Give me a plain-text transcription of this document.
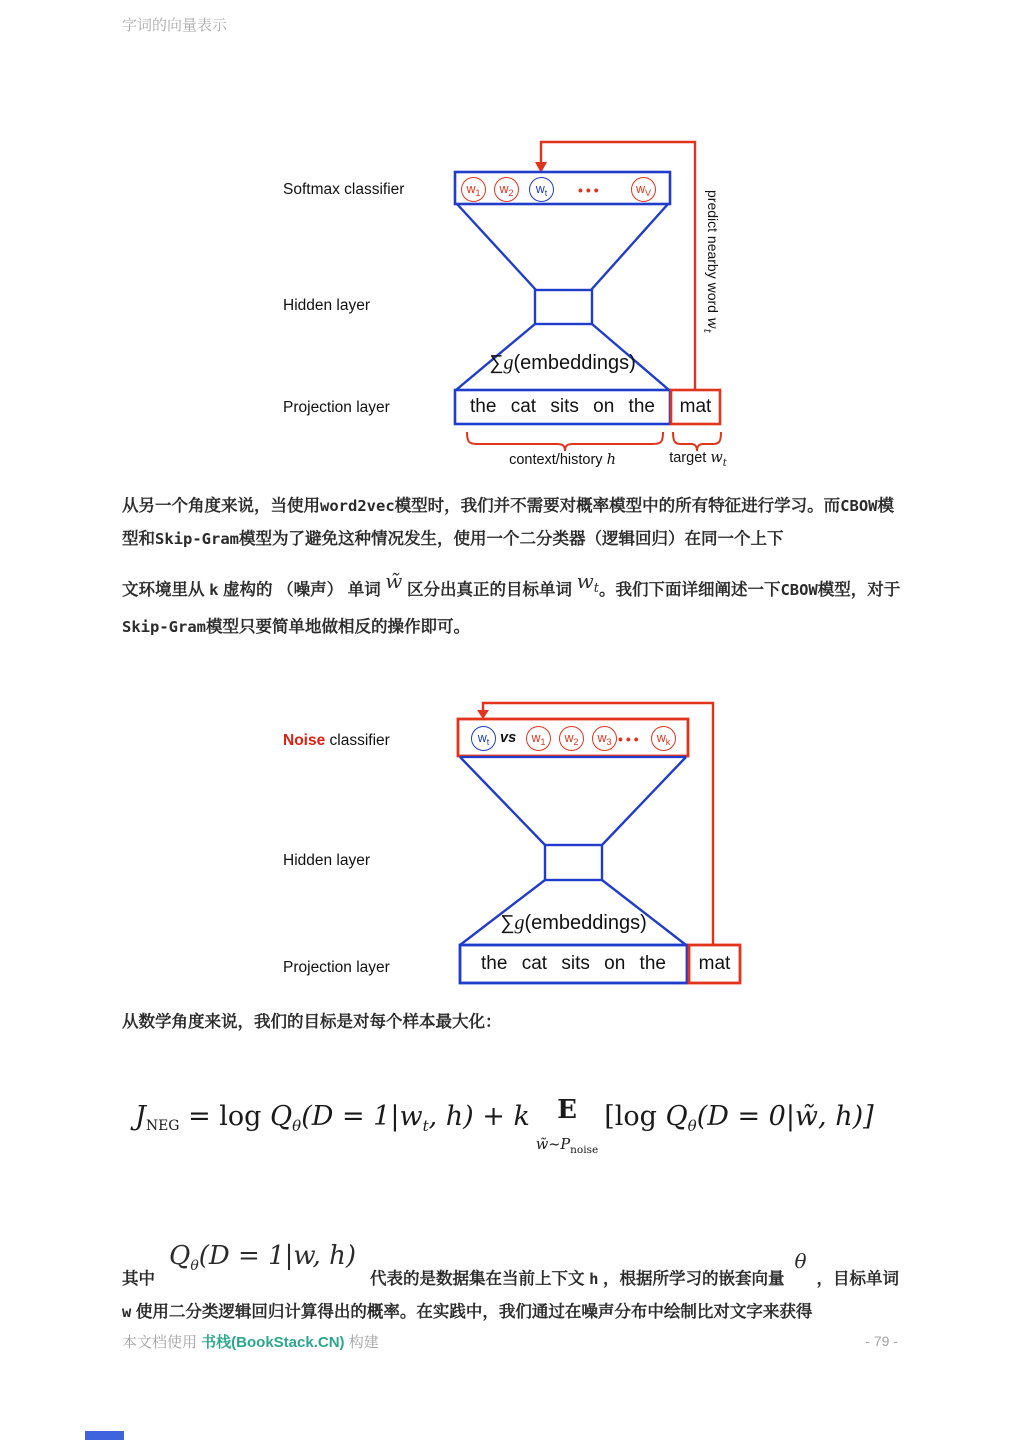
字词的向量表示
Softmax classifier
Hidden layer
Projection layer
$w_1$ $w_2$ $w_t$ •••	$w_V$
∑g(embeddings)
the cat sits on the	mat
context/history h	target $w_t$
predict nearby word $w_t$
从另一个角度来说，当使用word2vec模型时，我们并不需要对概率模型中的所有特征进行学习。而CBOW模型和Skip-Gram模型为了避免这种情况发生，使用一个二分类器（逻辑回归）在同一个上下
文环境里从 k 虚构的 （噪声） 单词 w̃ 区分出真正的目标单词 $w_t$。我们下面详细阐述一下CBOW模型，对于Skip-Gram模型只要简单地做相反的操作即可。
Noise classifier
Hidden layer
Projection layer
$w_t$ vs $w_1$ $w_2$ $w_3$ ••• $w_k$
∑g(embeddings)
the cat sits on the	mat
从数学角度来说，我们的目标是对每个样本最大化：
$J_{NEG} = \log Q_\theta(D = 1|w_t$, h) + k E
$w̃\sim P_{noise}[\log$ $Q_\theta(D$ = 0|w̃, h)]
其中$Q_\theta(D = 1|w$, h)代表的是数据集在当前上下文 h ，根据所学习的嵌套向量θ，目标单词 w 使用二分类逻辑回归计算得出的概率。在实践中，我们通过在噪声分布中绘制比对文字来获得
本文档使用 书栈(BookStack.CN) 构建	- 79 -
